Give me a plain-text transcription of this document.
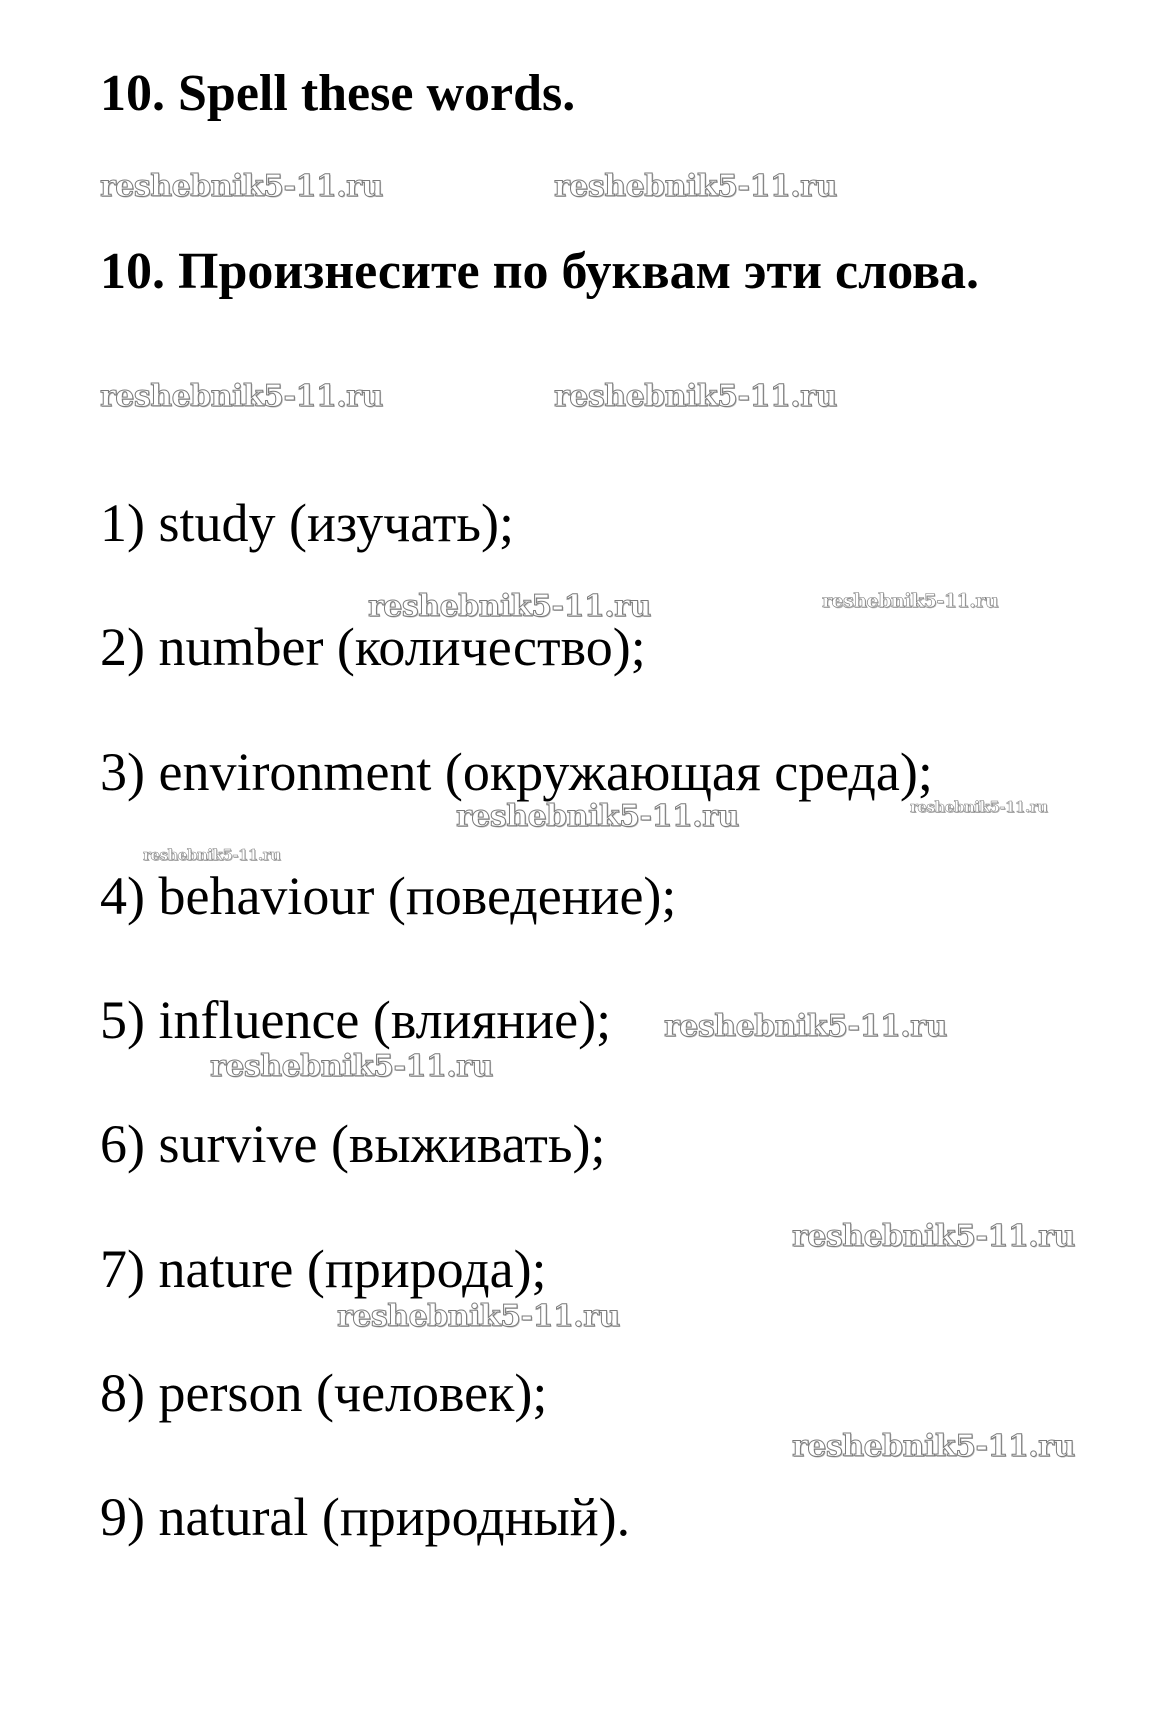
10. Spell these words.
10. Произнесите по буквам эти слова.

1) study (изучать);

2) number (количество);

3) environment (окружающая среда);

4) behaviour (поведение);

5) influence (влияние);

6) survive (выживать);

7) nature (природа);

8) person (человек);

9) natural (природный).

reshebnik5-11.ru	reshebnik5-11.ru
reshebnik5-11.ru	reshebnik5-11.ru
reshebnik5-11.ru	reshebnik5-11.ru
reshebnik5-11.ru	reshebnik5-11.ru
reshebnik5-11.ru
reshebnik5-11.ru
reshebnik5-11.ru
reshebnik5-11.ru
reshebnik5-11.ru
reshebnik5-11.ru
